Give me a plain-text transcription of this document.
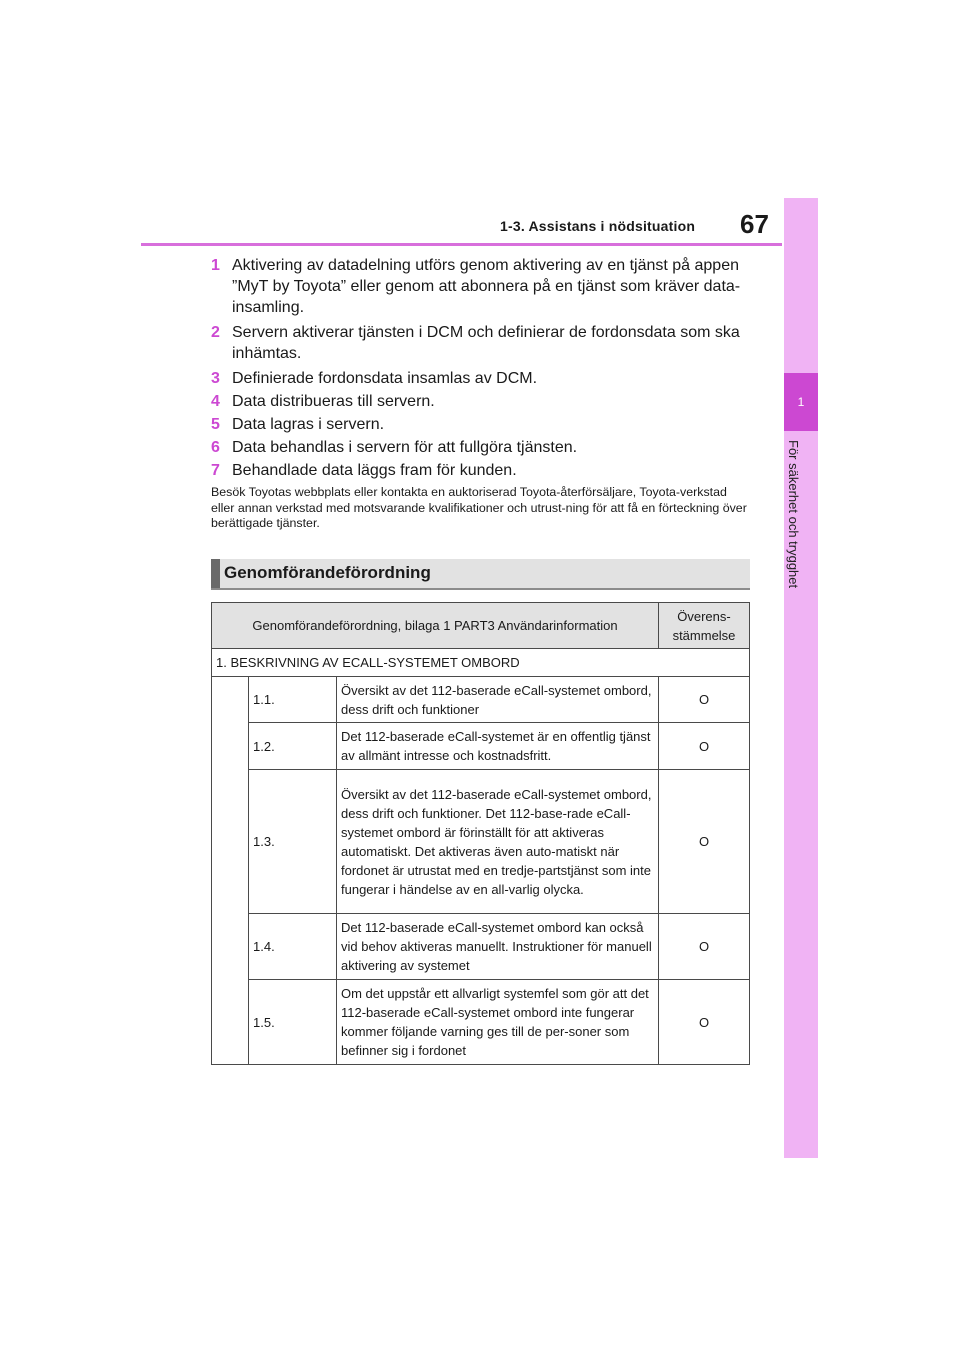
1-3. Assistans i nödsituation 67
1
För säkerhet och trygghet
1 Aktivering av datadelning utförs genom aktivering av en tjänst på appen ”MyT by Toyota” eller genom att abonnera på en tjänst som kräver data-insamling.
2 Servern aktiverar tjänsten i DCM och definierar de fordonsdata som ska inhämtas.
3 Definierade fordonsdata insamlas av DCM.
4 Data distribueras till servern.
5 Data lagras i servern.
6 Data behandlas i servern för att fullgöra tjänsten.
7 Behandlade data läggs fram för kunden.

Besök Toyotas webbplats eller kontakta en auktoriserad Toyota-återförsäljare, Toyota-verkstad eller annan verkstad med motsvarande kvalifikationer och utrust-ning för att få en förteckning över berättigade tjänster.

Genomförandeförordning
Genomförandeförordning, bilaga 1 PART3 Användarinformation			Överens-stämmelse
1. BESKRIVNING AV ECALL-SYSTEMET OMBORD			
	1.1.	Översikt av det 112-baserade eCall-systemet ombord, dess drift och funktioner	O
	1.2.	Det 112-baserade eCall-systemet är en offentlig tjänst av allmänt intresse och kostnadsfritt.	O
	1.3.	Översikt av det 112-baserade eCall-systemet ombord, dess drift och funktioner. Det 112-base-rade eCall-systemet ombord är förinställt för att aktiveras automatiskt. Det aktiveras även auto-matiskt när fordonet är utrustat med en tredje-partstjänst som inte fungerar i händelse av en all-varlig olycka.	O
	1.4.	Det 112-baserade eCall-systemet ombord kan också vid behov aktiveras manuellt. Instruktioner för manuell aktivering av systemet	O
	1.5.	Om det uppstår ett allvarligt systemfel som gör att det 112-baserade eCall-systemet ombord inte fungerar kommer följande varning ges till de per-soner som befinner sig i fordonet	O
